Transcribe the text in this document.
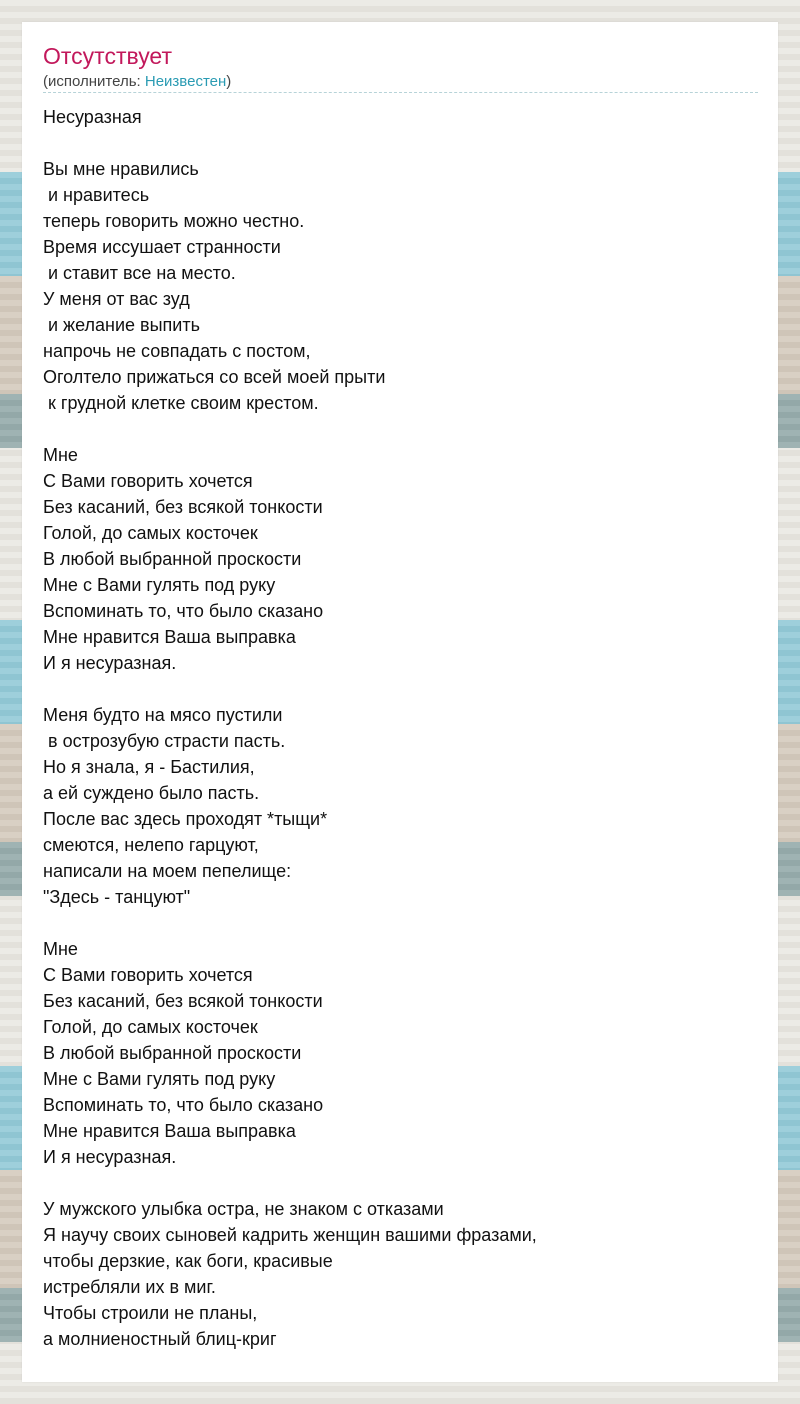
Отсутствует
(исполнитель: Неизвестен)
Несуразная

Вы мне нравились
и нравитесь
теперь говорить можно честно.
Время иссушает странности
и ставит все на место.
У меня от вас зуд
и желание выпить
напрочь не совпадать с постом,
Оголтело прижаться со всей моей прыти
к грудной клетке своим крестом.

Мне
С Вами говорить хочется
Без касаний, без всякой тонкости
Голой, до самых косточек
В любой выбранной проскости
Мне с Вами гулять под руку
Вспоминать то, что было сказано
Мне нравится Ваша выправка
И я несуразная.

Меня будто на мясо пустили
в острозубую страсти пасть.
Но я знала, я - Бастилия,
а ей суждено было пасть.
После вас здесь проходят *тыщи*
смеются, нелепо гарцуют,
написали на моем пепелище:
"Здесь - танцуют"

Мне
С Вами говорить хочется
Без касаний, без всякой тонкости
Голой, до самых косточек
В любой выбранной проскости
Мне с Вами гулять под руку
Вспоминать то, что было сказано
Мне нравится Ваша выправка
И я несуразная.

У мужского улыбка остра, не знаком с отказами
Я научу своих сыновей кадрить женщин вашими фразами,
чтобы дерзкие, как боги, красивые
истребляли их в миг.
Чтобы строили не планы,
а молниеностный блиц-криг
